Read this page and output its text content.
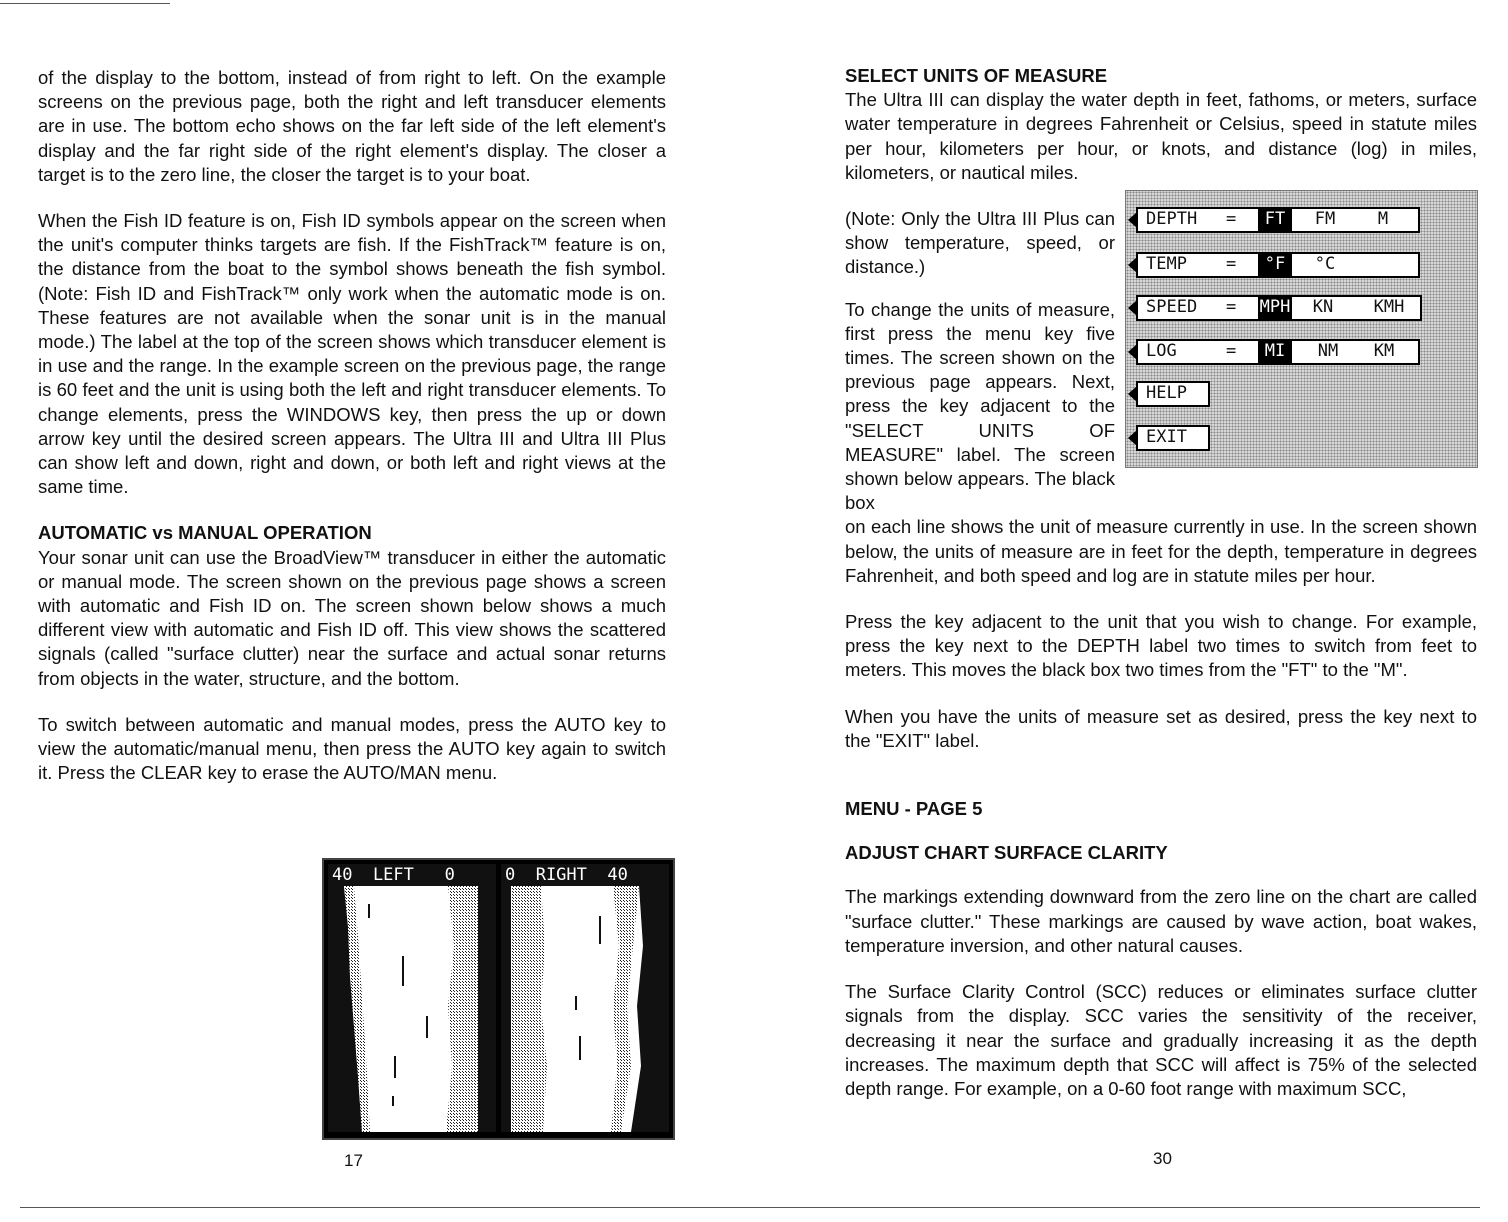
of the display to the bottom, instead of from right to left. On the example screens on the previous page, both the right and left transducer elements are in use. The bottom echo shows on the far left side of the left element's display and the far right side of the right element's display. The closer a target is to the zero line, the closer the target is to your boat.

When the Fish ID feature is on, Fish ID symbols appear on the screen when the unit's computer thinks targets are fish. If the FishTrack™ feature is on, the distance from the boat to the symbol shows beneath the fish symbol. (Note: Fish ID and FishTrack™ only work when the automatic mode is on. These features are not available when the sonar unit is in the manual mode.) The label at the top of the screen shows which transducer element is in use and the range. In the example screen on the previous page, the range is 60 feet and the unit is using both the left and right transducer elements. To change elements, press the WINDOWS key, then press the up or down arrow key until the desired screen appears. The Ultra III and Ultra III Plus can show left and down, right and down, or both left and right views at the same time.

AUTOMATIC vs MANUAL OPERATION

Your sonar unit can use the BroadView™ transducer in either the automatic or manual mode. The screen shown on the previous page shows a screen with automatic and Fish ID on. The screen shown below shows a much different view with automatic and Fish ID off. This view shows the scattered signals (called "surface clutter) near the surface and actual sonar returns from objects in the water, structure, and the bottom.

To switch between automatic and manual modes, press the AUTO key to view the automatic/manual menu, then press the AUTO key again to switch it. Press the CLEAR key to erase the AUTO/MAN menu.

40  LEFT   0	0  RIGHT  40
17
SELECT UNITS OF MEASURE

The Ultra III can display the water depth in feet, fathoms, or meters, surface water temperature in degrees Fahrenheit or Celsius, speed in statute miles per hour, kilometers per hour, or knots, and distance (log) in miles, kilometers, or nautical miles.

(Note: Only the Ultra III Plus can show temperature, speed, or distance.)

To change the units of measure, first press the menu key five times. The screen shown on the previous page appears. Next, press the key adjacent to the "SELECT UNITS OF MEASURE" label. The screen shown below appears. The black box

on each line shows the unit of measure currently in use. In the screen shown below, the units of measure are in feet for the depth, temperature in degrees Fahrenheit, and both speed and log are in statute miles per hour.

Press the key adjacent to the unit that you wish to change. For example, press the key next to the DEPTH label two times to switch from feet to meters. This moves the black box two times from the "FT" to the "M".

When you have the units of measure set as desired, press the key next to the "EXIT" label.

MENU - PAGE 5
ADJUST CHART SURFACE CLARITY

The markings extending downward from the zero line on the chart are called "surface clutter." These markings are caused by wave action, boat wakes, temperature inversion, and other natural causes.

The Surface Clarity Control (SCC) reduces or eliminates surface clutter signals from the display. SCC varies the sensitivity of the receiver, decreasing it near the surface and gradually increasing it as the depth increases. The maximum depth that SCC will affect is 75% of the selected depth range. For example, on a 0-60 foot range with maximum SCC,

DEPTH =	FT	FM	M
TEMP =	°F	°C
SPEED = MPH	KN	KMH
LOG	=	MI	NM	KM
HELP
EXIT
30
